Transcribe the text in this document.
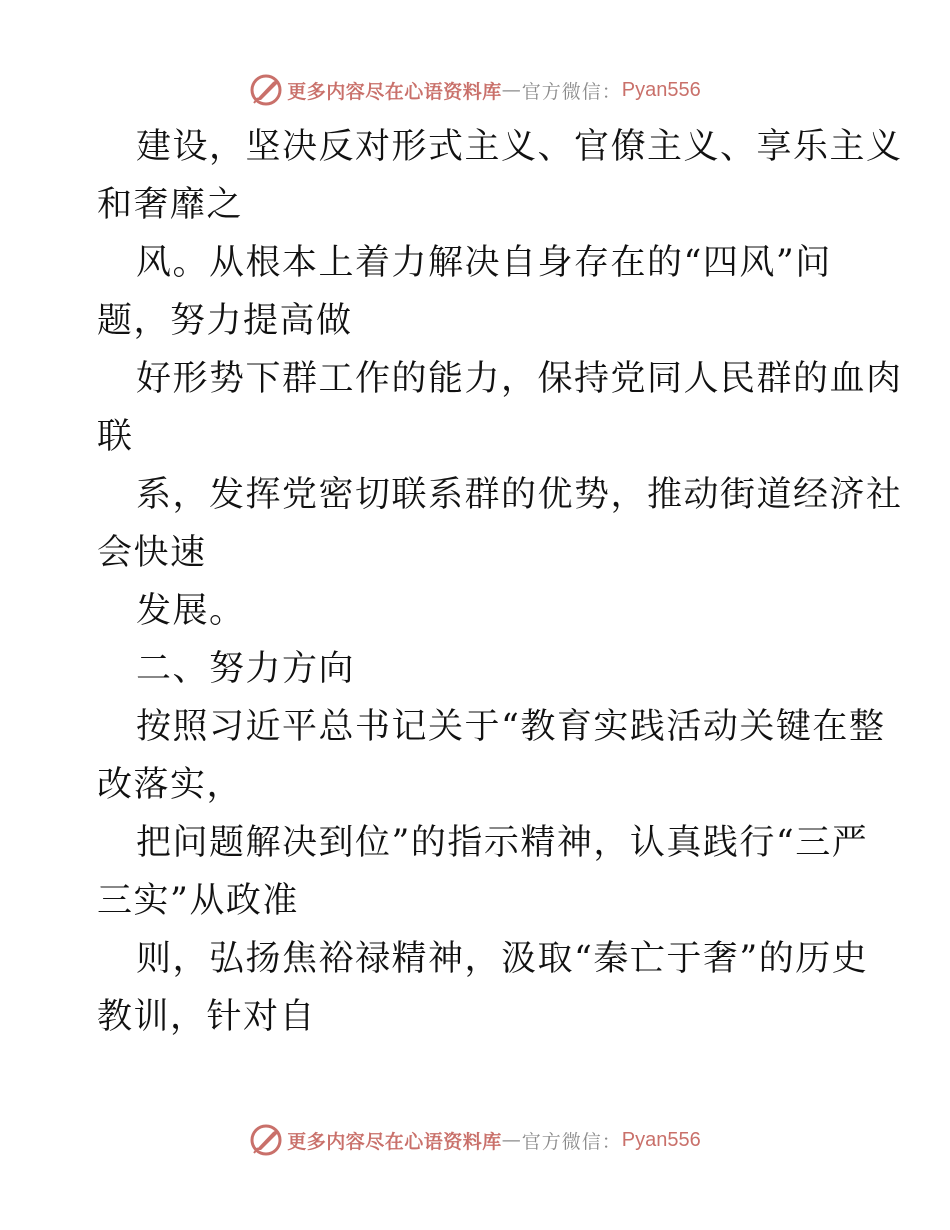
更多内容尽在心语资料库 — 官方微信： Pyan556
建设，坚决反对形式主义、官僚主义、享乐主义
和奢靡之
风。从根本上着力解决自身存在的“四风”问
题，努力提高做
好形势下群工作的能力，保持党同人民群的血肉
联
系，发挥党密切联系群的优势，推动街道经济社
会快速
发展。
二、努力方向
按照习近平总书记关于“教育实践活动关键在整
改落实，
把问题解决到位”的指示精神，认真践行“三严
三实”从政准
则，弘扬焦裕禄精神，汲取“秦亡于奢”的历史
教训，针对自
更多内容尽在心语资料库 — 官方微信： Pyan556
